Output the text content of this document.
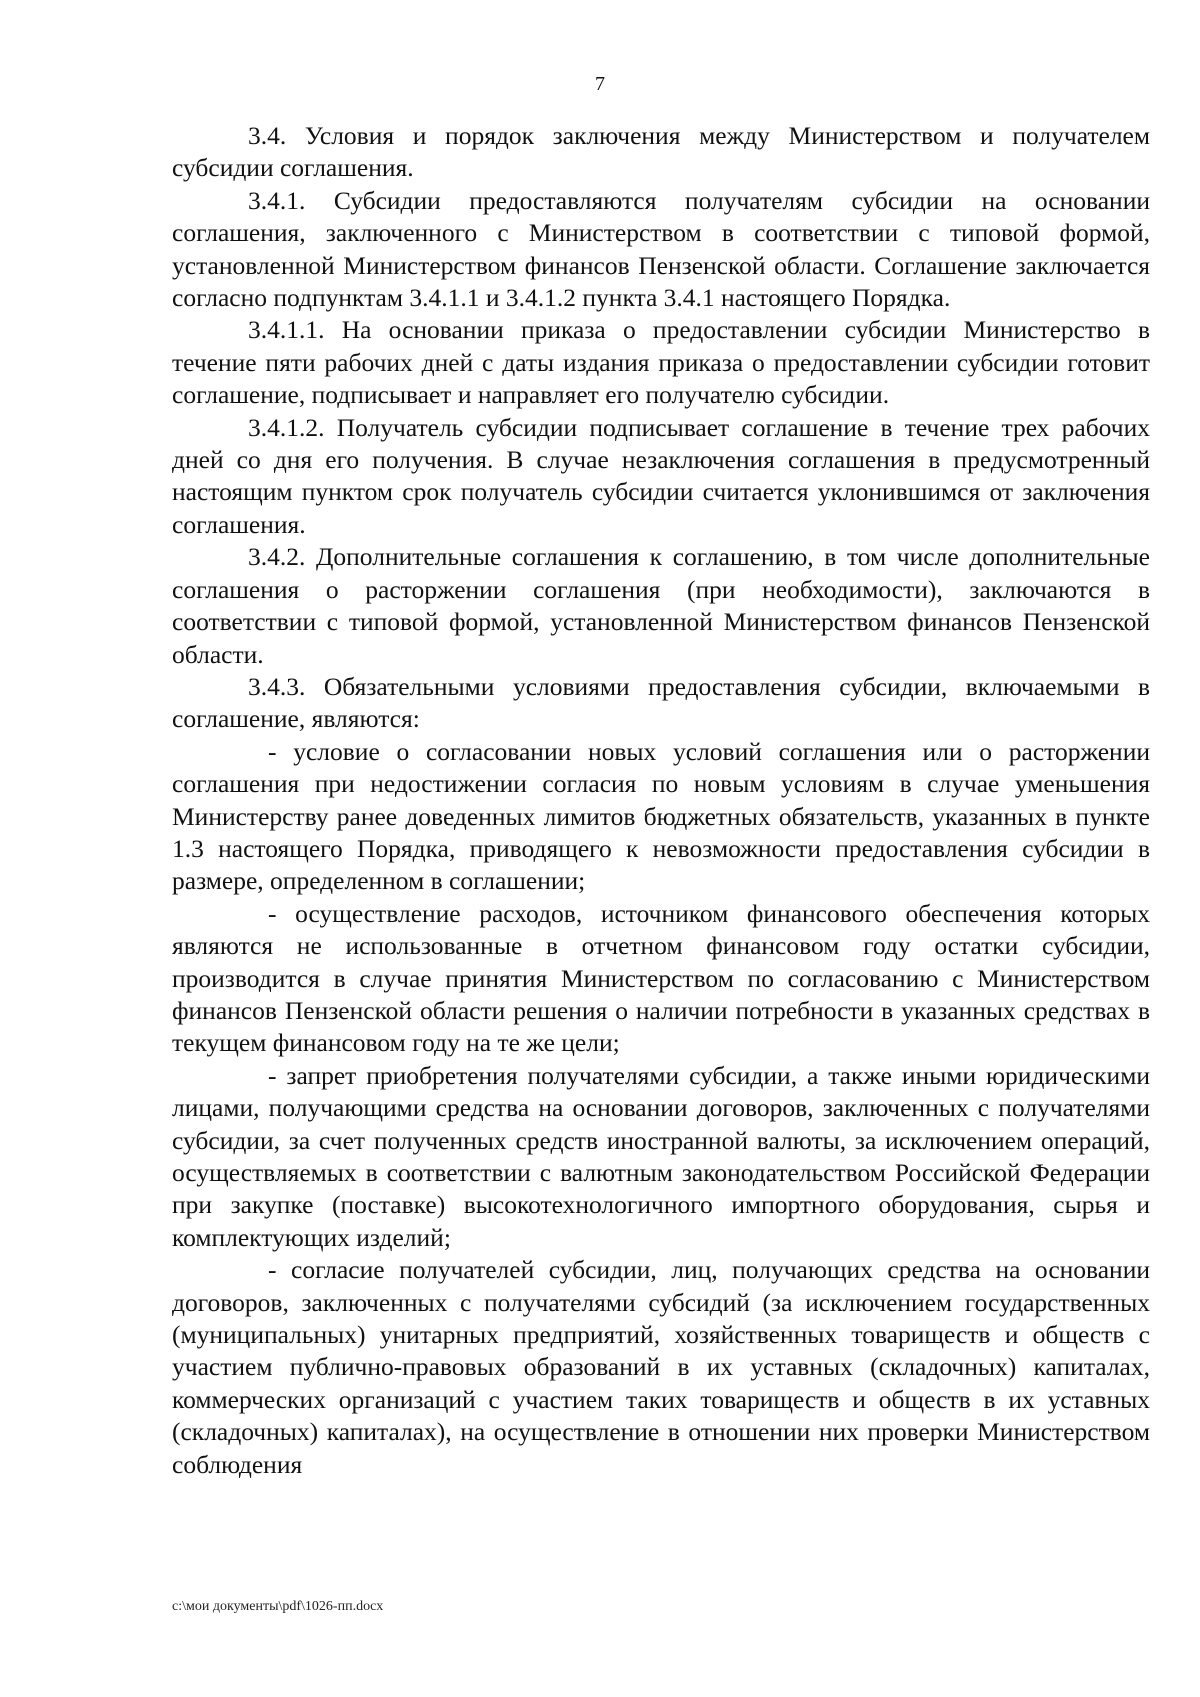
7

3.4. Условия и порядок заключения между Министерством и получателем субсидии соглашения.

3.4.1. Субсидии предоставляются получателям субсидии на основании соглашения, заключенного с Министерством в соответствии с типовой формой, установленной Министерством финансов Пензенской области. Соглашение заключается согласно подпунктам 3.4.1.1 и 3.4.1.2 пункта 3.4.1 настоящего Порядка.

3.4.1.1. На основании приказа о предоставлении субсидии Министерство в течение пяти рабочих дней с даты издания приказа о предоставлении субсидии готовит соглашение, подписывает и направляет его получателю субсидии.

3.4.1.2. Получатель субсидии подписывает соглашение в течение трех рабочих дней со дня его получения. В случае незаключения соглашения в предусмотренный настоящим пунктом срок получатель субсидии считается уклонившимся от заключения соглашения.

3.4.2. Дополнительные соглашения к соглашению, в том числе дополнительные соглашения о расторжении соглашения (при необходимости), заключаются в соответствии с типовой формой, установленной Министерством финансов Пензенской области.

3.4.3. Обязательными условиями предоставления субсидии, включаемыми в соглашение, являются:

- условие о согласовании новых условий соглашения или о расторжении соглашения при недостижении согласия по новым условиям в случае уменьшения Министерству ранее доведенных лимитов бюджетных обязательств, указанных в пункте 1.3 настоящего Порядка, приводящего к невозможности предоставления субсидии в размере, определенном в соглашении;

- осуществление расходов, источником финансового обеспечения которых являются не использованные в отчетном финансовом году остатки субсидии, производится в случае принятия Министерством по согласованию с Министерством финансов Пензенской области решения о наличии потребности в указанных средствах в текущем финансовом году на те же цели;

- запрет приобретения получателями субсидии, а также иными юридическими лицами, получающими средства на основании договоров, заключенных с получателями субсидии, за счет полученных средств иностранной валюты, за исключением операций, осуществляемых в соответствии с валютным законодательством Российской Федерации при закупке (поставке) высокотехнологичного импортного оборудования, сырья и комплектующих изделий;

- согласие получателей субсидии, лиц, получающих средства на основании договоров, заключенных с получателями субсидий (за исключением государственных (муниципальных) унитарных предприятий, хозяйственных товариществ и обществ с участием публично-правовых образований в их уставных (складочных) капиталах, коммерческих организаций с участием таких товариществ и обществ в их уставных (складочных) капиталах), на осуществление в отношении них проверки Министерством соблюдения

c:\мои документы\pdf\1026-пп.docx
